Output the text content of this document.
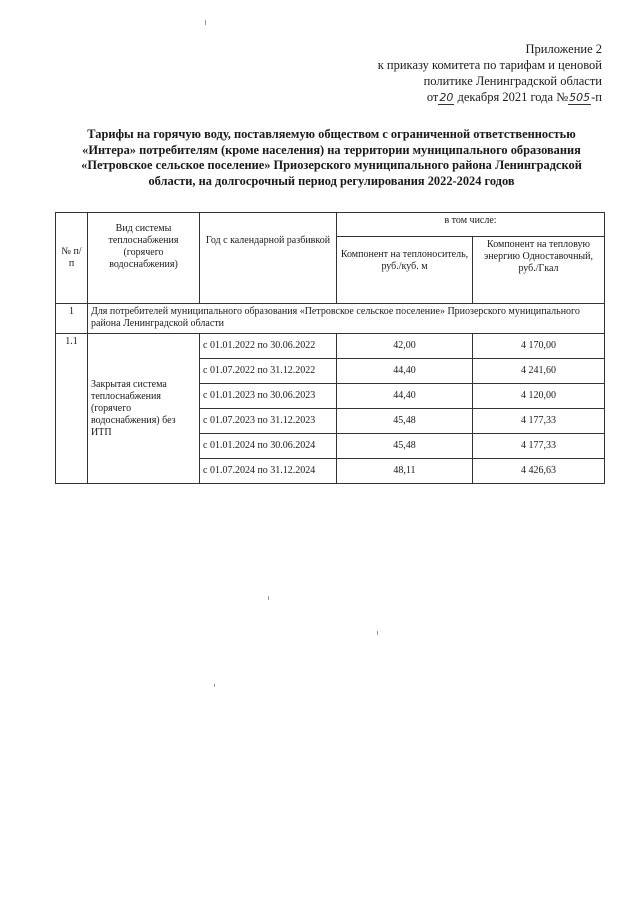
Приложение 2
к приказу комитета по тарифам и ценовой
политике Ленинградской области
от20 декабря 2021 года №505-п
Тарифы на горячую воду, поставляемую обществом с ограниченной ответственностью
«Интера» потребителям (кроме населения) на территории муниципального образования
«Петровское сельское поселение» Приозерского муниципального района Ленинградской
области, на долгосрочный период регулирования 2022-2024 годов
№ п/п	Вид системы теплоснабжения (горячего водоснабжения)	Год с календарной разбивкой	в том числе:	
			Компонент на теплоноситель, руб./куб. м	Компонент на тепловую энергию Одноставочный, руб./Гкал
1	Для потребителей муниципального образования «Петровское сельское поселение» Приозерского муниципального района Ленинградской области			

1.1	Закрытая система теплоснабжения (горячего водоснабжения) без ИТП	с 01.01.2022 по 30.06.2022	42,00	4 170,00
		с 01.07.2022 по 31.12.2022	44,40	4 241,60
		с 01.01.2023 по 30.06.2023	44,40	4 120,00
		с 01.07.2023 по 31.12.2023	45,48	4 177,33
		с 01.01.2024 по 30.06.2024	45,48	4 177,33
		с 01.07.2024 по 31.12.2024	48,11	4 426,63
